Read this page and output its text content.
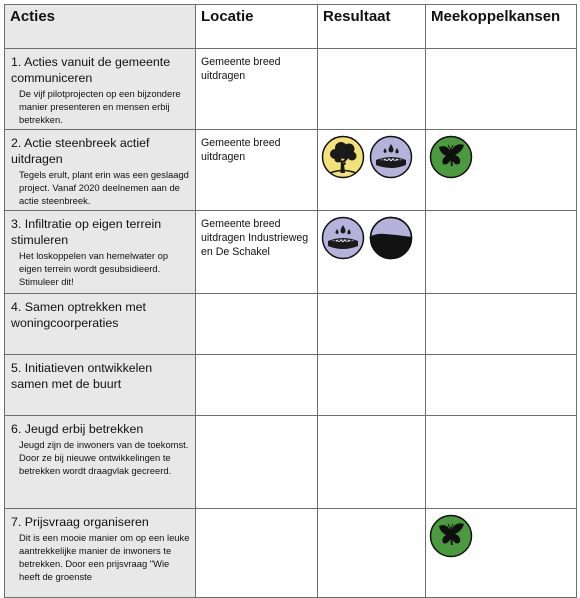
Acties	Locatie	Resultaat	Meekoppelkansen

1. Acties vanuit de gemeente communiceren
De vijf pilotprojecten op een bijzondere manier presenteren en mensen erbij betrekken.	Gemeente breed uitdragen		

2. Actie steenbreek actief uitdragen
Tegels erult, plant erin was een geslaagd project. Vanaf 2020 deelnemen aan de actie steenbreek.	Gemeente breed uitdragen	

3. Infiltratie op eigen terrein stimuleren
Het loskoppelen van hemelwater op eigen terrein wordt gesubsidieerd. Stimuleer dit!	Gemeente breed uitdragen Industrieweg en De Schakel	

4. Samen optrekken met woningcoorperaties			

5. Initiatieven ontwikkelen samen met de buurt			

6. Jeugd erbij betrekken
Jeugd zijn de inwoners van de toekomst. Door ze bij nieuwe ontwikkelingen te betrekken wordt draagvlak gecreerd.			

7. Prijsvraag organiseren
Dit is een mooie manier om op een leuke aantrekkelijke manier de inwoners te betrekken. Door een prijsvraag "Wie heeft de groenste
